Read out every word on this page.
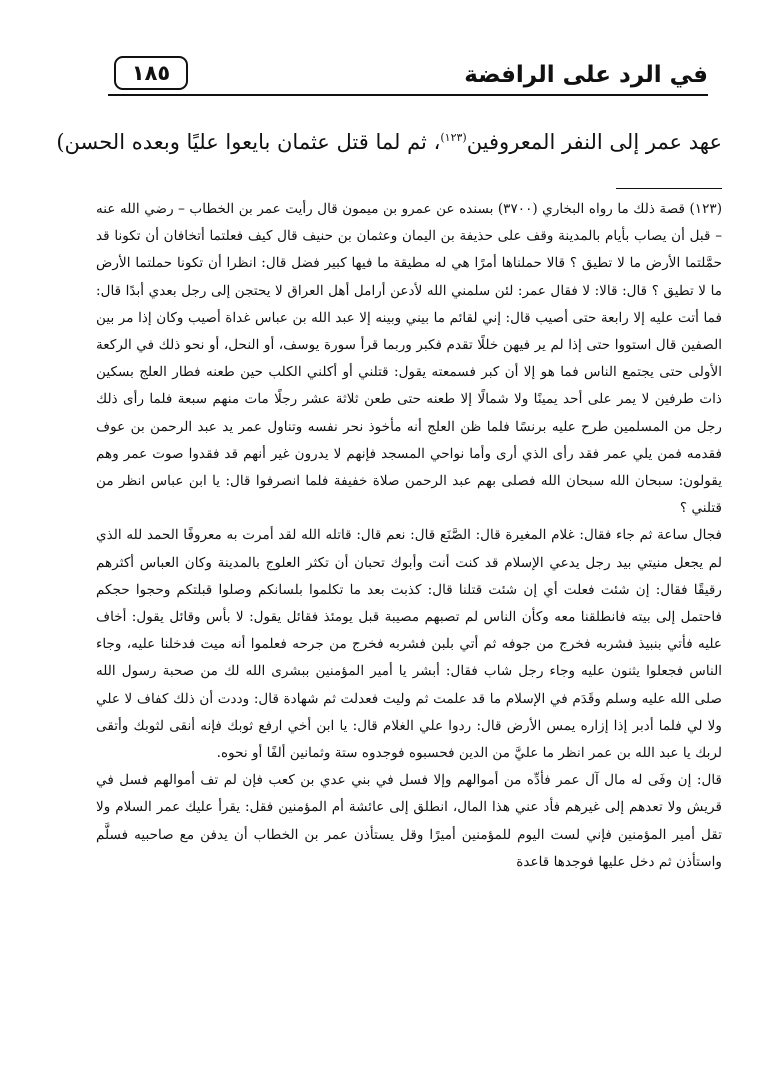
في الرد على الرافضة
١٨٥
عهد عمر إلى النفر المعروفين$^{(١٢٣)}$، ثم لما قتل عثمان بايعوا عليًا وبعده الحسن)

(١٢٣) قصة ذلك ما رواه البخاري (٣٧٠٠) بسنده عن عمرو بن ميمون قال رأيت عمر بن الخطاب – رضي الله عنه – قبل أن يصاب بأيام بالمدينة وقف على حذيفة بن اليمان وعثمان بن حنيف قال كيف فعلتما أتخافان أن تكونا قد حمَّلتما الأرض ما لا تطيق ؟ قالا حملناها أمرًا هي له مطيقة ما فيها كبير فضل قال: انظرا أن تكونا حملتما الأرض ما لا تطيق ؟ قال: قالا: لا فقال عمر: لئن سلمني الله لأدعن أرامل أهل العراق لا يحتجن إلى رجل بعدي أبدًا قال: فما أتت عليه إلا رابعة حتى أصيب قال: إني لقائم ما بيني وبينه إلا عبد الله بن عباس غداة أصيب وكان إذا مر بين الصفين قال استووا حتى إذا لم ير فيهن خللًا تقدم فكبر وربما قرأ سورة يوسف، أو النحل، أو نحو ذلك في الركعة الأولى حتى يجتمع الناس فما هو إلا أن كبر فسمعته يقول: قتلني أو أكلني الكلب حين طعنه فطار العلج بسكين ذات طرفين لا يمر على أحد يمينًا ولا شمالًا إلا طعنه حتى طعن ثلاثة عشر رجلًا مات منهم سبعة فلما رأى ذلك رجل من المسلمين طرح عليه برنسًا فلما ظن العلج أنه مأخوذ نحر نفسه وتناول عمر يد عبد الرحمن بن عوف فقدمه فمن يلي عمر فقد رأى الذي أرى وأما نواحي المسجد فإنهم لا يدرون غير أنهم قد فقدوا صوت عمر وهم يقولون: سبحان الله سبحان الله فصلى بهم عبد الرحمن صلاة خفيفة فلما انصرفوا قال: يا ابن عباس انظر من قتلني ؟

فجال ساعة ثم جاء فقال: غلام المغيرة قال: الصَّنَع قال: نعم قال: قاتله الله لقد أمرت به معروفًا الحمد لله الذي لم يجعل منيتي بيد رجل يدعي الإسلام قد كنت أنت وأبوك تحبان أن تكثر العلوج بالمدينة وكان العباس أكثرهم رقيقًا فقال: إن شئت فعلت أي إن شئت قتلنا قال: كذبت بعد ما تكلموا بلسانكم وصلوا قبلتكم وحجوا حجكم فاحتمل إلى بيته فانطلقنا معه وكأن الناس لم تصبهم مصيبة قبل يومئذ فقائل يقول: لا بأس وقائل يقول: أخاف عليه فأتي بنبيذ فشربه فخرج من جوفه ثم أتي بلبن فشربه فخرج من جرحه فعلموا أنه ميت فدخلنا عليه، وجاء الناس فجعلوا يثنون عليه وجاء رجل شاب فقال: أبشر يا أمير المؤمنين ببشرى الله لك من صحبة رسول الله صلى الله عليه وسلم وقَدَم في الإسلام ما قد علمت ثم وليت فعدلت ثم شهادة قال: وددت أن ذلك كفاف لا علي ولا لي فلما أدبر إذا إزاره يمس الأرض قال: ردوا علي الغلام قال: يا ابن أخي ارفع ثوبك فإنه أنقى لثوبك وأتقى لربك يا عبد الله بن عمر انظر ما عليَّ من الدين فحسبوه فوجدوه ستة وثمانين ألفًا أو نحوه.

قال: إن وفَى له مال آل عمر فأدِّه من أموالهم وإلا فسل في بني عدي بن كعب فإن لم تف أموالهم فسل في قريش ولا تعدهم إلى غيرهم فأد عني هذا المال، انطلق إلى عائشة أم المؤمنين فقل: يقرأ عليك عمر السلام ولا تقل أمير المؤمنين فإني لست اليوم للمؤمنين أميرًا وقل يستأذن عمر بن الخطاب أن يدفن مع صاحبيه فسلَّم واستأذن ثم دخل عليها فوجدها قاعدة
